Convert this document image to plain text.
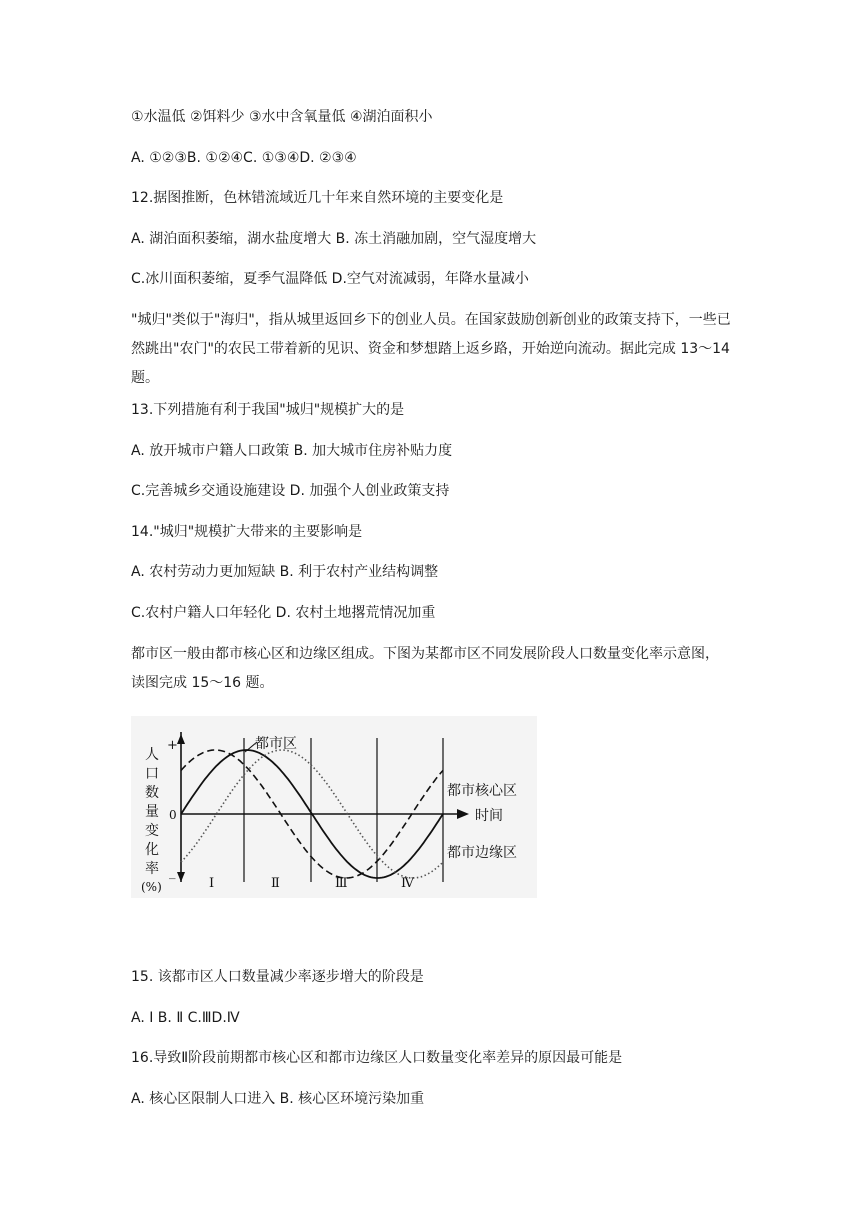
①水温低 ②饵料少 ③水中含氧量低 ④湖泊面积小
A. ①②③B. ①②④C. ①③④D. ②③④
12.据图推断，色林错流域近几十年来自然环境的主要变化是
A. 湖泊面积萎缩，湖水盐度增大 B. 冻土消融加剧，空气湿度增大
C.冰川面积萎缩，夏季气温降低 D.空气对流减弱，年降水量减小
"城归"类似于"海归"，指从城里返回乡下的创业人员。在国家鼓励创新创业的政策支持下，一些已然跳出"农门"的农民工带着新的见识、资金和梦想踏上返乡路，开始逆向流动。据此完成 13～14 题。
13.下列措施有利于我国"城归"规模扩大的是
A. 放开城市户籍人口政策 B. 加大城市住房补贴力度
C.完善城乡交通设施建设 D. 加强个人创业政策支持
14."城归"规模扩大带来的主要影响是
A. 农村劳动力更加短缺 B. 利于农村产业结构调整
C.农村户籍人口年轻化 D. 农村土地撂荒情况加重
都市区一般由都市核心区和边缘区组成。下图为某都市区不同发展阶段人口数量变化率示意图，读图完成 15～16 题。
+
0
_
人
口
数
量
变
化
率
(%)
时间
Ⅰ	Ⅱ	Ⅲ	Ⅳ
都市区
都市核心区
都市边缘区
15. 该都市区人口数量减少率逐步增大的阶段是
A. Ⅰ B. Ⅱ C.ⅢD.Ⅳ
16.导致Ⅱ阶段前期都市核心区和都市边缘区人口数量变化率差异的原因最可能是
A. 核心区限制人口进入 B. 核心区环境污染加重
